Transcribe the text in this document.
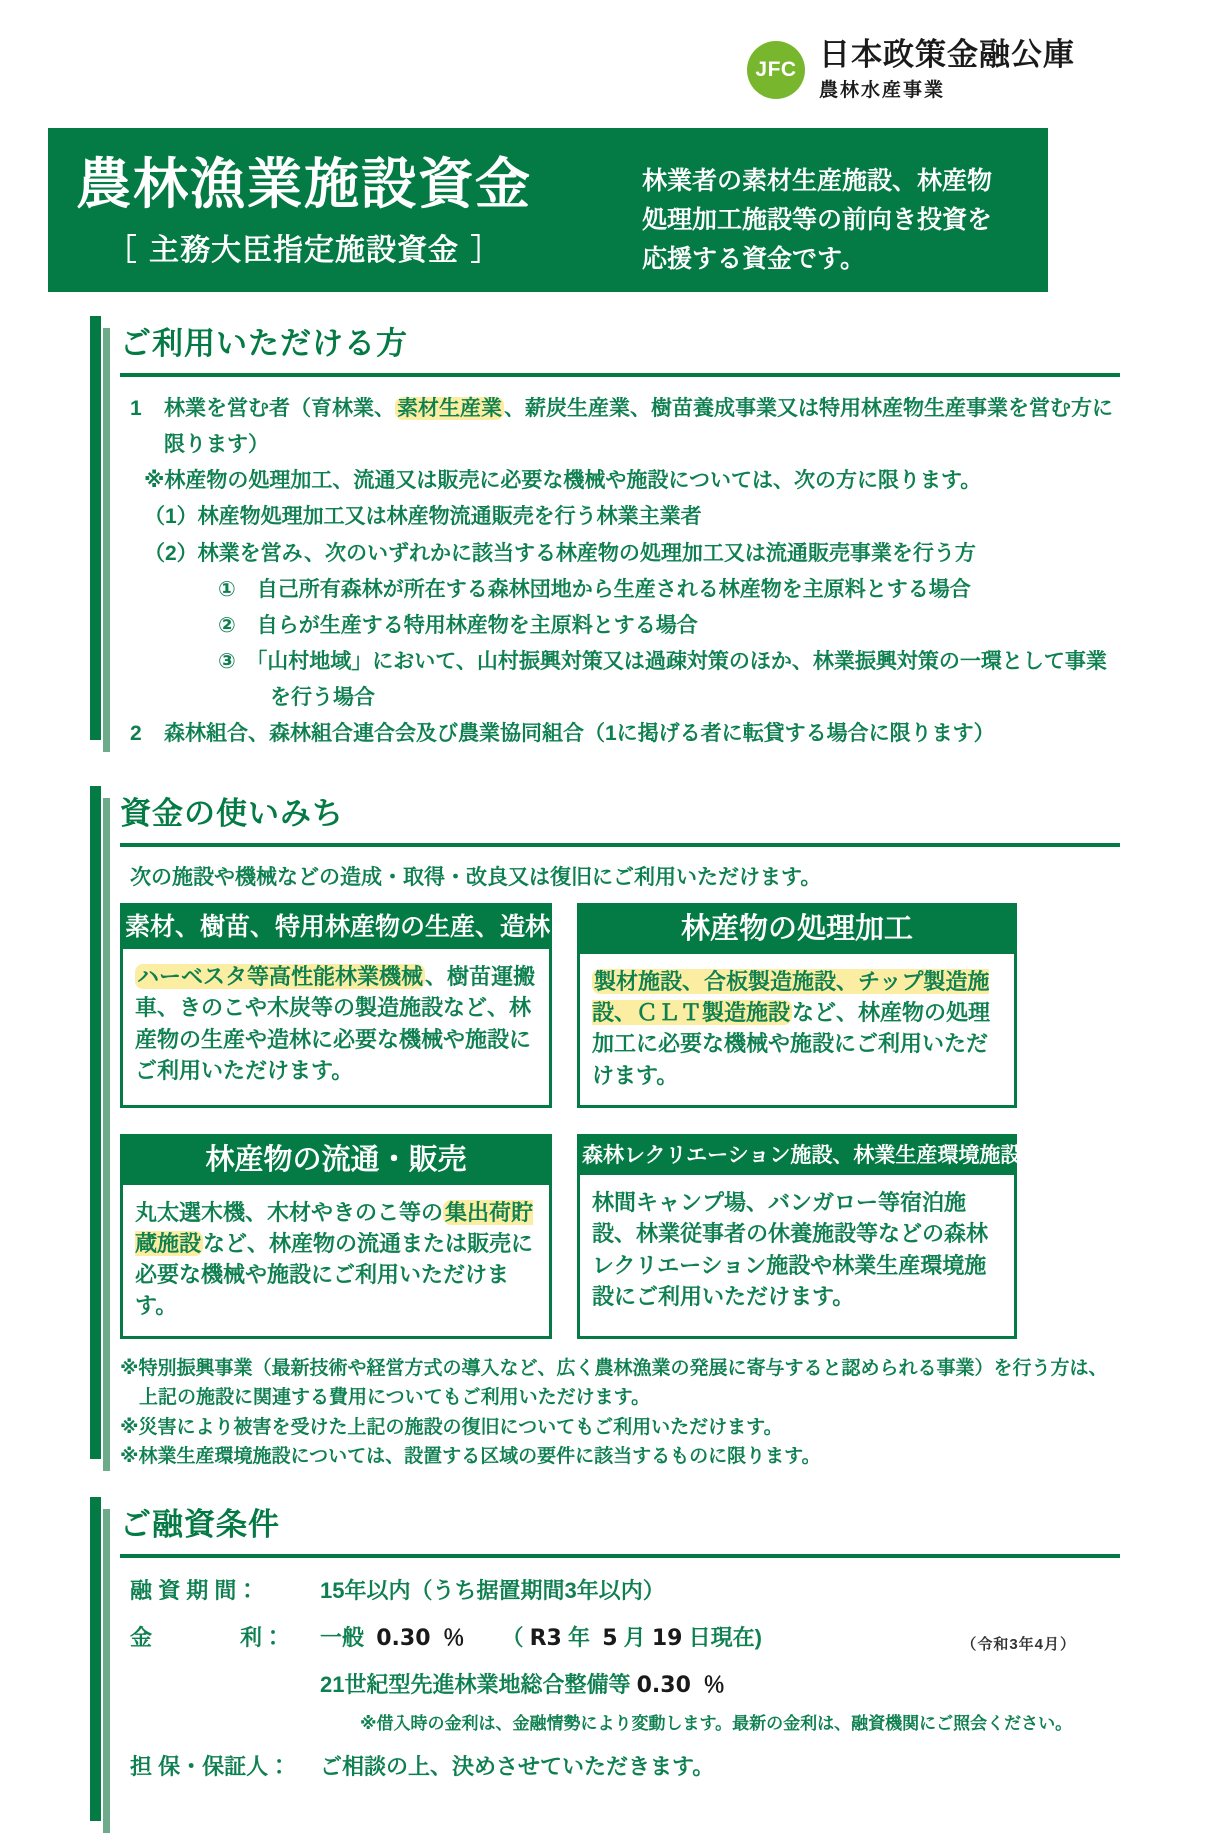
JFC 日本政策金融公庫
農林水産事業
農林漁業施設資金
［ 主務大臣指定施設資金 ］
林業者の素材生産施設、林産物処理加工施設等の前向き投資を応援する資金です。
ご利用いただける方
1	林業を営む者（育林業、素材生産業、薪炭生産業、樹苗養成事業又は特用林産物生産事業を営む方に限ります）

※林産物の処理加工、流通又は販売に必要な機械や施設については、次の方に限ります。

（1）林産物処理加工又は林産物流通販売を行う林業主業者

（2）林業を営み、次のいずれかに該当する林産物の処理加工又は流通販売事業を行う方

①　自己所有森林が所在する森林団地から生産される林産物を主原料とする場合

②　自らが生産する特用林産物を主原料とする場合

③　「山村地域」において、山村振興対策又は過疎対策のほか、林業振興対策の一環として事業を行う場合

2	森林組合、森林組合連合会及び農業協同組合（1に掲げる者に転貸する場合に限ります）

資金の使いみち

次の施設や機械などの造成・取得・改良又は復旧にご利用いただけます。

素材、樹苗、特用林産物の生産、造林
ハーベスタ等高性能林業機械、樹苗運搬車、きのこや木炭等の製造施設など、林産物の生産や造林に必要な機械や施設にご利用いただけます。
林産物の処理加工
製材施設、合板製造施設、チップ製造施設、ＣＬＴ製造施設など、林産物の処理加工に必要な機械や施設にご利用いただけます。
林産物の流通・販売
丸太選木機、木材やきのこ等の集出荷貯蔵施設など、林産物の流通または販売に必要な機械や施設にご利用いただけます。
森林レクリエーション施設、林業生産環境施設
林間キャンプ場、バンガロー等宿泊施設、林業従事者の休養施設等などの森林レクリエーション施設や林業生産環境施設にご利用いただけます。

※特別振興事業（最新技術や経営方式の導入など、広く農林漁業の発展に寄与すると認められる事業）を行う方は、

　上記の施設に関連する費用についてもご利用いただけます。

※災害により被害を受けた上記の施設の復旧についてもご利用いただけます。

※林業生産環境施設については、設置する区域の要件に該当するものに限ります。

ご融資条件
融 資 期 間：	15年以内（うち据置期間3年以内）
金　　　　利：	一般 0.30 ％ （ R3 年 5 月 19 日現在)
21世紀型先進林業地総合整備等 0.30 ％
※借入時の金利は、金融情勢により変動します。最新の金利は、融資機関にご照会ください。
担 保・保証人：	ご相談の上、決めさせていただきます。
（令和3年4月）
